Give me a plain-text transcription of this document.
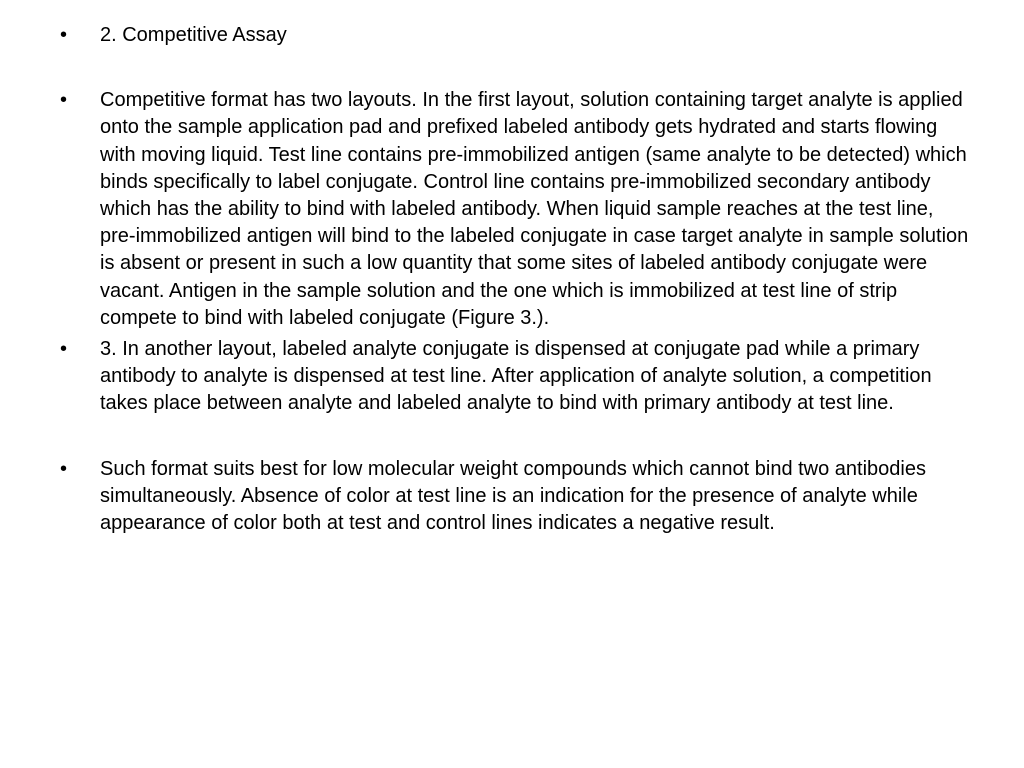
•	2. Competitive Assay
•	Competitive format has two layouts. In the first layout, solution containing target analyte is applied onto the sample application pad and prefixed labeled antibody gets hydrated and starts flowing with moving liquid. Test line contains pre-immobilized antigen (same analyte to be detected) which binds specifically to label conjugate. Control line contains pre-immobilized secondary antibody which has the ability to bind with labeled antibody. When liquid sample reaches at the test line, pre-immobilized antigen will bind to the labeled conjugate in case target analyte in sample solution is absent or present in such a low quantity that some sites of labeled antibody conjugate were vacant. Antigen in the sample solution and the one which is immobilized at test line of strip compete to bind with labeled conjugate (Figure 3.).
•	3. In another layout, labeled analyte conjugate is dispensed at conjugate pad while a primary antibody to analyte is dispensed at test line. After application of analyte solution, a competition takes place between analyte and labeled analyte to bind with primary antibody at test line.
•	Such format suits best for low molecular weight compounds which cannot bind two antibodies simultaneously. Absence of color at test line is an indication for the presence of analyte while appearance of color both at test and control lines indicates a negative result.
